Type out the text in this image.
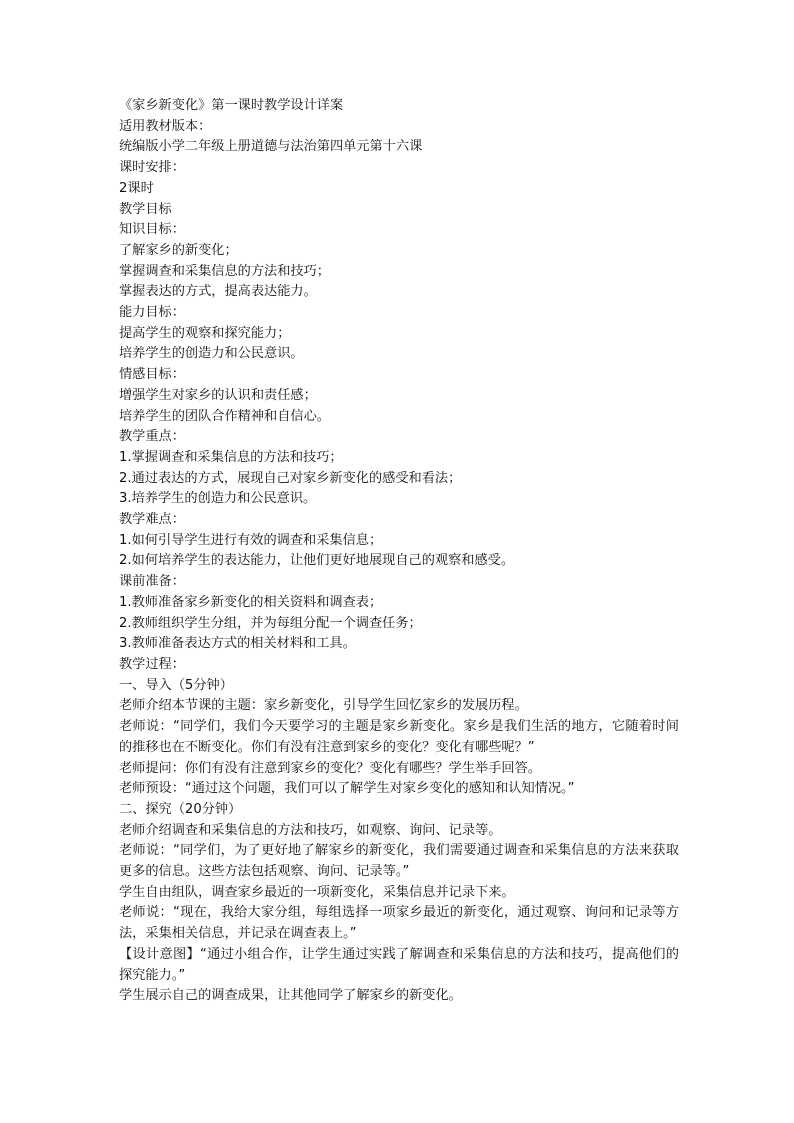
《家乡新变化》第一课时教学设计详案

适用教材版本：

统编版小学二年级上册道德与法治第四单元第十六课

课时安排：

2课时

教学目标

知识目标：

了解家乡的新变化；

掌握调查和采集信息的方法和技巧；

掌握表达的方式，提高表达能力。

能力目标：

提高学生的观察和探究能力；

培养学生的创造力和公民意识。

情感目标：

增强学生对家乡的认识和责任感；

培养学生的团队合作精神和自信心。

教学重点：

1.掌握调查和采集信息的方法和技巧；

2.通过表达的方式，展现自己对家乡新变化的感受和看法；

3.培养学生的创造力和公民意识。

教学难点：

1.如何引导学生进行有效的调查和采集信息；

2.如何培养学生的表达能力，让他们更好地展现自己的观察和感受。

课前准备：

1.教师准备家乡新变化的相关资料和调查表；

2.教师组织学生分组，并为每组分配一个调查任务；

3.教师准备表达方式的相关材料和工具。

教学过程：

一、导入（5分钟）

老师介绍本节课的主题：家乡新变化，引导学生回忆家乡的发展历程。

老师说：“同学们，我们今天要学习的主题是家乡新变化。家乡是我们生活的地方，它随着时间的推移也在不断变化。你们有没有注意到家乡的变化？变化有哪些呢？”

老师提问：你们有没有注意到家乡的变化？变化有哪些？学生举手回答。

老师预设：“通过这个问题，我们可以了解学生对家乡变化的感知和认知情况。”

二、探究（20分钟）

老师介绍调查和采集信息的方法和技巧，如观察、询问、记录等。

老师说：“同学们，为了更好地了解家乡的新变化，我们需要通过调查和采集信息的方法来获取更多的信息。这些方法包括观察、询问、记录等。”

学生自由组队，调查家乡最近的一项新变化，采集信息并记录下来。

老师说：“现在，我给大家分组，每组选择一项家乡最近的新变化，通过观察、询问和记录等方法，采集相关信息，并记录在调查表上。”

【设计意图】“通过小组合作，让学生通过实践了解调查和采集信息的方法和技巧，提高他们的探究能力。”

学生展示自己的调查成果，让其他同学了解家乡的新变化。
